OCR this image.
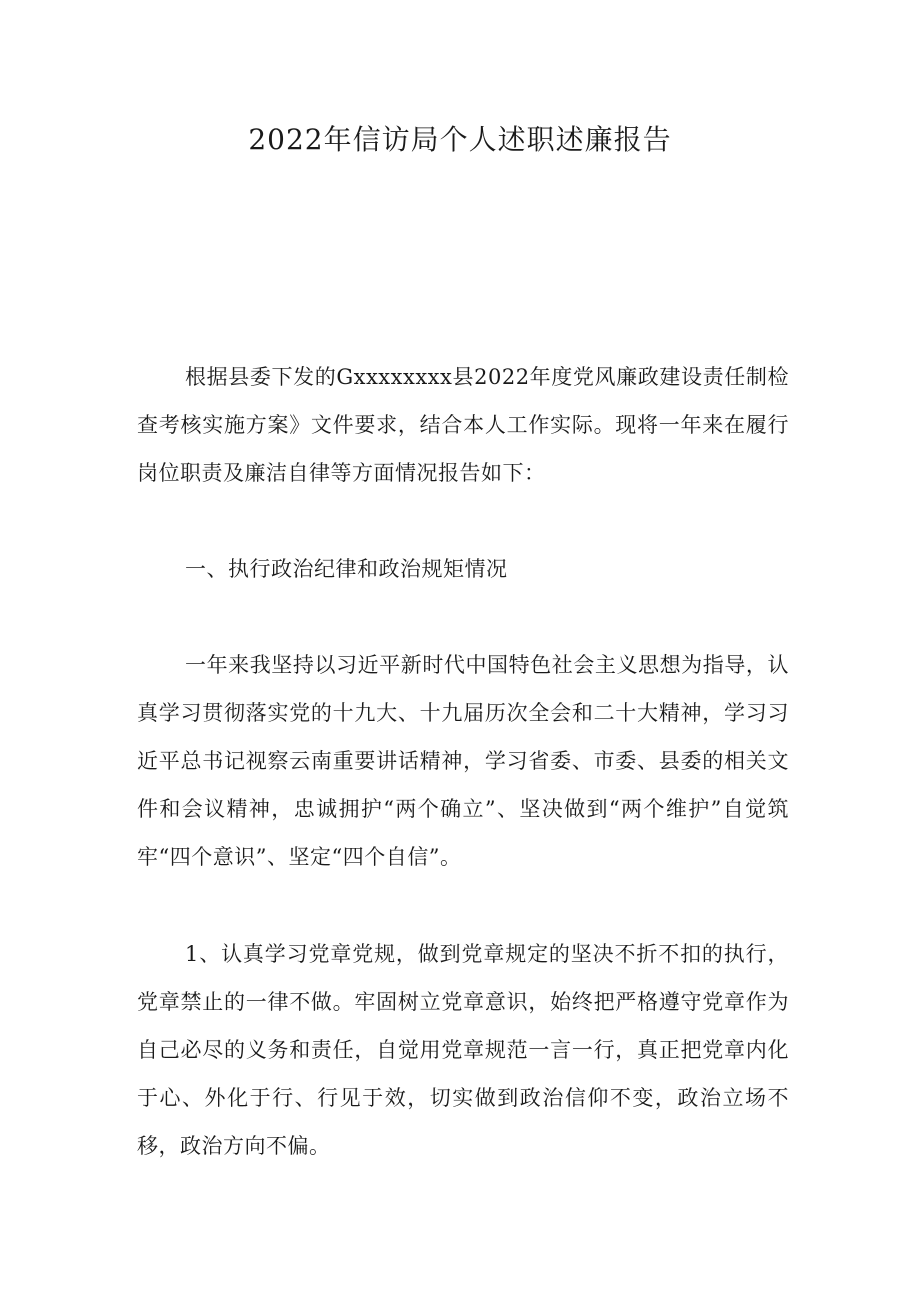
2022年信访局个人述职述廉报告

根据县委下发的Gxxxxxxxx县2022年度党风廉政建设责任制检查考核实施方案》文件要求，结合本人工作实际。现将一年来在履行岗位职责及廉洁自律等方面情况报告如下：

一、执行政治纪律和政治规矩情况

一年来我坚持以习近平新时代中国特色社会主义思想为指导，认真学习贯彻落实党的十九大、十九届历次全会和二十大精神，学习习近平总书记视察云南重要讲话精神，学习省委、市委、县委的相关文件和会议精神，忠诚拥护“两个确立”、坚决做到“两个维护”自觉筑牢“四个意识”、坚定“四个自信”。

1、认真学习党章党规，做到党章规定的坚决不折不扣的执行，党章禁止的一律不做。牢固树立党章意识，始终把严格遵守党章作为自己必尽的义务和责任，自觉用党章规范一言一行，真正把党章内化于心、外化于行、行见于效，切实做到政治信仰不变，政治立场不移，政治方向不偏。
